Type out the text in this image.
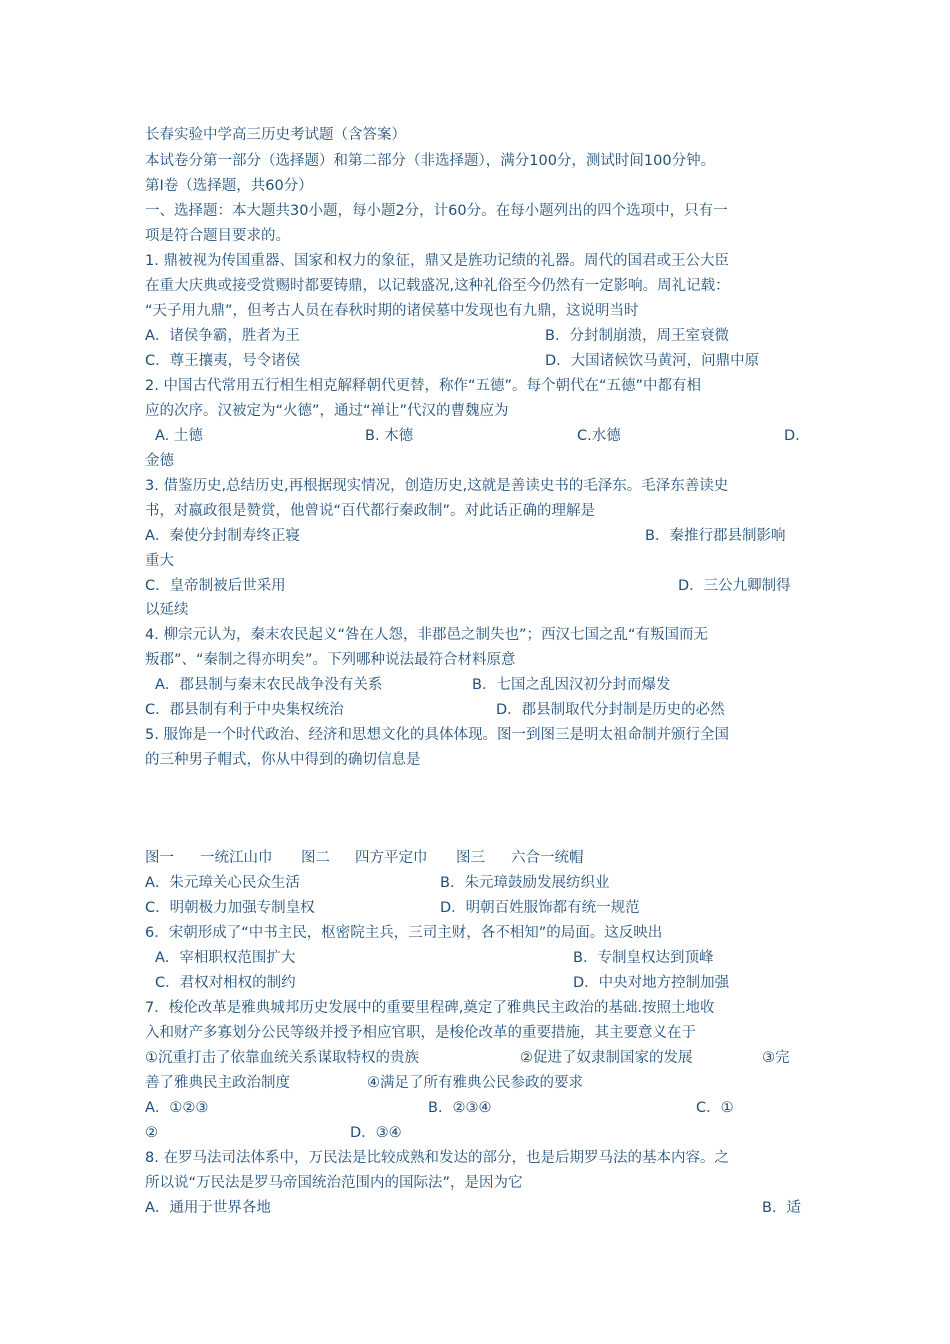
长春实验中学高三历史考试题（含答案）
本试卷分第一部分（选择题）和第二部分（非选择题），满分100分，测试时间100分钟。
第Ⅰ卷（选择题，共60分）
一、选择题：本大题共30小题，每小题2分，计60分。在每小题列出的四个选项中，只有一
项是符合题目要求的。
1. 鼎被视为传国重器、国家和权力的象征，鼎又是旌功记绩的礼器。周代的国君或王公大臣
在重大庆典或接受赏赐时都要铸鼎，以记载盛况,这种礼俗至今仍然有一定影响。周礼记载：
“天子用九鼎”，但考古人员在春秋时期的诸侯墓中发现也有九鼎，这说明当时
A．诸侯争霸，胜者为王	B．分封制崩溃，周王室衰微
C．尊王攘夷，号令诸侯	D．大国诸候饮马黄河，问鼎中原
2. 中国古代常用五行相生相克解释朝代更替，称作“五德”。每个朝代在“五德”中都有相
应的次序。汉被定为“火德”，通过“禅让”代汉的曹魏应为
A. 土德	B. 木德	C.水德	D.
金德
3. 借鉴历史,总结历史,再根据现实情况，创造历史,这就是善读史书的毛泽东。毛泽东善读史
书，对嬴政很是赞赏，他曾说“百代都行秦政制”。对此话正确的理解是
A．秦使分封制寿终正寝	B．秦推行郡县制影响
重大
C．皇帝制被后世采用	D．三公九卿制得
以延续
4. 柳宗元认为，秦末农民起义“咎在人怨，非郡邑之制失也”；西汉七国之乱“有叛国而无
叛郡”、“秦制之得亦明矣”。下列哪种说法最符合材料原意
A．郡县制与秦末农民战争没有关系	B．七国之乱因汉初分封而爆发
C．郡县制有利于中央集权统治	D．郡县制取代分封制是历史的必然
5. 服饰是一个时代政治、经济和思想文化的具体体现。图一到图三是明太祖命制并颁行全国
的三种男子帽式，你从中得到的确切信息是
图一 一统江山巾 图二 四方平定巾 图三 六合一统帽
A．朱元璋关心民众生活	B．朱元璋鼓励发展纺织业
C．明朝极力加强专制皇权	D．明朝百姓服饰都有统一规范
6．宋朝形成了“中书主民，枢密院主兵，三司主财，各不相知”的局面。这反映出
A．宰相职权范围扩大	B．专制皇权达到顶峰
C．君权对相权的制约	D．中央对地方控制加强
7．梭伦改革是雅典城邦历史发展中的重要里程碑,奠定了雅典民主政治的基础.按照土地收
入和财产多寡划分公民等级并授予相应官职，是梭伦改革的重要措施，其主要意义在于
①沉重打击了依靠血统关系谋取特权的贵族	②促进了奴隶制国家的发展	③完
善了雅典民主政治制度	④满足了所有雅典公民参政的要求
A．①②③	B．②③④	C．①
②	D．③④
8. 在罗马法司法体系中，万民法是比较成熟和发达的部分，也是后期罗马法的基本内容。之
所以说“万民法是罗马帝国统治范围内的国际法”，是因为它
A．通用于世界各地	B．适
